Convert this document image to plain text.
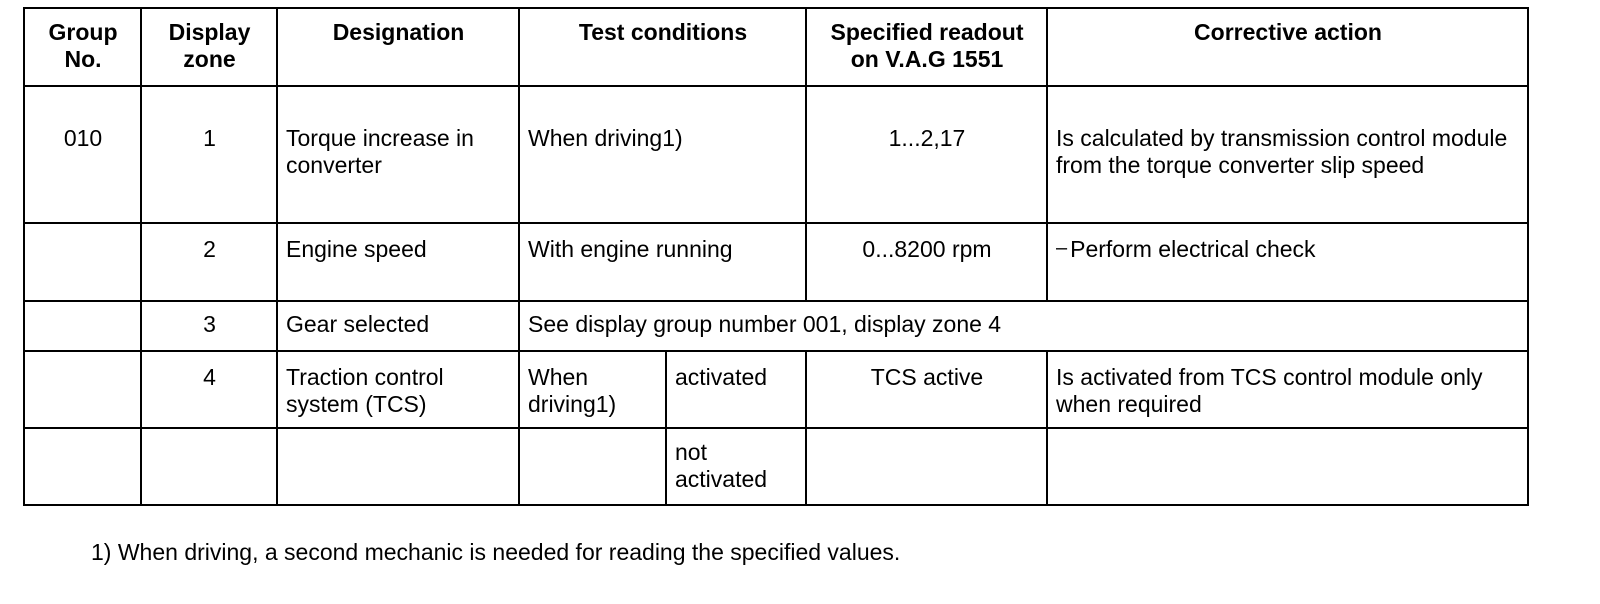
Group No.	Display zone	Designation	Test conditions		Specified readout on V.A.G 1551	Corrective action
010	1	Torque increase in converter	When driving1)		1...2,17	Is calculated by transmission control module from the torque converter slip speed
	2	Engine speed	With engine running		0...8200 rpm	– Perform electrical check
	3	Gear selected	See display group number 001, display zone 4			
	4	Traction control system (TCS)	When driving1)	activated	TCS active	Is activated from TCS control module only when required
				not activated		
1) When driving, a second mechanic is needed for reading the specified values.
